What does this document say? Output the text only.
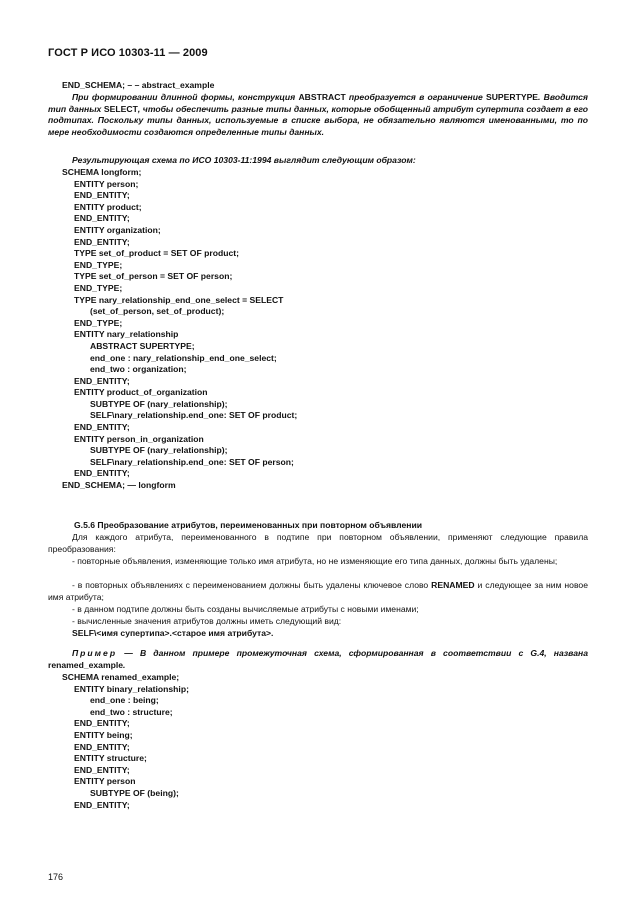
ГОСТ Р ИСО 10303-11 — 2009
END_SCHEMA; – – abstract_example
При формировании длинной формы, конструкция ABSTRACT преобразуется в ограничение SUPERTYPE. Вводится тип данных SELECT, чтобы обеспечить разные типы данных, которые обобщенный атрибут супертипа создает в его подтипах. Поскольку типы данных, используемые в списке выбора, не обязательно являются именованными, то по мере необходимости создаются определенные типы данных.
Результирующая схема по ИСО 10303-11:1994 выглядит следующим образом:
SCHEMA longform;
ENTITY person;
END_ENTITY;
ENTITY product;
END_ENTITY;
ENTITY organization;
END_ENTITY;
TYPE set_of_product = SET OF product;
END_TYPE;
TYPE set_of_person = SET OF person;
END_TYPE;
TYPE nary_relationship_end_one_select = SELECT
(set_of_person, set_of_product);
END_TYPE;
ENTITY nary_relationship
ABSTRACT SUPERTYPE;
end_one : nary_relationship_end_one_select;
end_two : organization;
END_ENTITY;
ENTITY product_of_organization
SUBTYPE OF (nary_relationship);
SELF\nary_relationship.end_one: SET OF product;
END_ENTITY;
ENTITY person_in_organization
SUBTYPE OF (nary_relationship);
SELF\nary_relationship.end_one: SET OF person;
END_ENTITY;
END_SCHEMA; — longform
G.5.6 Преобразование атрибутов, переименованных при повторном объявлении
Для каждого атрибута, переименованного в подтипе при повторном объявлении, применяют следующие правила преобразования:
- повторные объявления, изменяющие только имя атрибута, но не изменяющие его типа данных, должны быть удалены;
- в повторных объявлениях с переименованием должны быть удалены ключевое слово RENAMED и следующее за ним новое имя атрибута;
- в данном подтипе должны быть созданы вычисляемые атрибуты с новыми именами;
- вычисленные значения атрибутов должны иметь следующий вид:
SELF\<имя супертипа>.<старое имя атрибута>.
Пример — В данном примере промежуточная схема, сформированная в соответствии с G.4, названа renamed_example.
SCHEMA renamed_example;
ENTITY binary_relationship;
end_one : being;
end_two : structure;
END_ENTITY;
ENTITY being;
END_ENTITY;
ENTITY structure;
END_ENTITY;
ENTITY person
SUBTYPE OF (being);
END_ENTITY;
176
